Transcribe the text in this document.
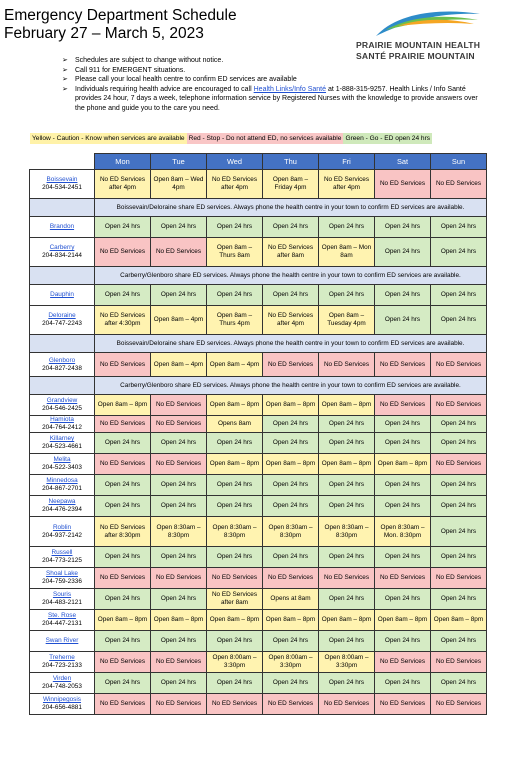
Emergency Department Schedule
February 27 – March 5, 2023
PRAIRIE MOUNTAIN HEALTH
SANTÉ PRAIRIE MOUNTAIN
➢ Schedules are subject to change without notice.
➢ Call 911 for EMERGENT situations.
➢ Please call your local health centre to confirm ED services are available
➢ Individuals requiring health advice are encouraged to call Health Links/Info Santé at 1-888-315-9257. Health Links / Info Santé provides 24 hour, 7 days a week, telephone information service by Registered Nurses with the knowledge to provide answers over the phone and guide you to the care you need.
Yellow - Caution - Know when services are available Red - Stop - Do not attend ED, no services available Green - Go - ED open 24 hrs
	Mon	Tue	Wed	Thu	Fri	Sat	Sun

Boissevain
204-534-2451	No ED Services after 4pm	Open 8am – Wed 4pm	No ED Services after 4pm	Open 8am – Friday 4pm	No ED Services after 4pm	No ED Services	No ED Services
	Boissevain/Deloraine share ED services. Always phone the health centre in your town to confirm ED services are available.						

Brandon	Open 24 hrs	Open 24 hrs	Open 24 hrs	Open 24 hrs	Open 24 hrs	Open 24 hrs	Open 24 hrs

Carberry
204-834-2144	No ED Services	No ED Services	Open 8am – Thurs 8am	No ED Services after 8am	Open 8am – Mon 8am	Open 24 hrs	Open 24 hrs
	Carberry/Glenboro share ED services. Always phone the health centre in your town to confirm ED services are available.						

Dauphin	Open 24 hrs	Open 24 hrs	Open 24 hrs	Open 24 hrs	Open 24 hrs	Open 24 hrs	Open 24 hrs

Deloraine
204-747-2243	No ED Services after 4:30pm	Open 8am – 4pm	Open 8am – Thurs 4pm	No ED Services after 4pm	Open 8am – Tuesday 4pm	Open 24 hrs	Open 24 hrs
	Boissevain/Deloraine share ED services. Always phone the health centre in your town to confirm ED services are available.						

Glenboro
204-827-2438	No ED Services	Open 8am – 4pm	Open 8am – 4pm	No ED Services	No ED Services	No ED Services	No ED Services
	Carberry/Glenboro share ED services. Always phone the health centre in your town to confirm ED services are available.						

Grandview
204-546-2425	Open 8am – 8pm	No ED Services	Open 8am – 8pm	Open 8am – 8pm	Open 8am – 8pm	No ED Services	No ED Services

Hamiota
204-764-2412	No ED Services	No ED Services	Opens 8am	Open 24 hrs	Open 24 hrs	Open 24 hrs	Open 24 hrs

Killarney
204-523-4661	Open 24 hrs	Open 24 hrs	Open 24 hrs	Open 24 hrs	Open 24 hrs	Open 24 hrs	Open 24 hrs

Melita
204-522-3403	No ED Services	No ED Services	Open 8am – 8pm	Open 8am – 8pm	Open 8am – 8pm	Open 8am – 8pm	No ED Services

Minnedosa
204-867-2701	Open 24 hrs	Open 24 hrs	Open 24 hrs	Open 24 hrs	Open 24 hrs	Open 24 hrs	Open 24 hrs

Neepawa
204-476-2394	Open 24 hrs	Open 24 hrs	Open 24 hrs	Open 24 hrs	Open 24 hrs	Open 24 hrs	Open 24 hrs

Roblin
204-937-2142	No ED Services after 8:30pm	Open 8:30am – 8:30pm	Open 8:30am – 8:30pm	Open 8:30am – 8:30pm	Open 8:30am – 8:30pm	Open 8:30am – Mon. 8:30pm	Open 24 hrs

Russell
204-773-2125	Open 24 hrs	Open 24 hrs	Open 24 hrs	Open 24 hrs	Open 24 hrs	Open 24 hrs	Open 24 hrs

Shoal Lake
204-759-2336	No ED Services	No ED Services	No ED Services	No ED Services	No ED Services	No ED Services	No ED Services

Souris
204-483-2121	Open 24 hrs	Open 24 hrs	No ED Services after 8am	Opens at 8am	Open 24 hrs	Open 24 hrs	Open 24 hrs

Ste. Rose
204-447-2131	Open 8am – 8pm	Open 8am – 8pm	Open 8am – 8pm	Open 8am – 8pm	Open 8am – 8pm	Open 8am – 8pm	Open 8am – 8pm

Swan River	Open 24 hrs	Open 24 hrs	Open 24 hrs	Open 24 hrs	Open 24 hrs	Open 24 hrs	Open 24 hrs

Treherne
204-723-2133	No ED Services	No ED Services	Open 8:00am – 3:30pm	Open 8:00am – 3:30pm	Open 8:00am – 3:30pm	No ED Services	No ED Services

Virden
204-748-2053	Open 24 hrs	Open 24 hrs	Open 24 hrs	Open 24 hrs	Open 24 hrs	Open 24 hrs	Open 24 hrs

Winnipegosis
204-656-4881	No ED Services	No ED Services	No ED Services	No ED Services	No ED Services	No ED Services	No ED Services
